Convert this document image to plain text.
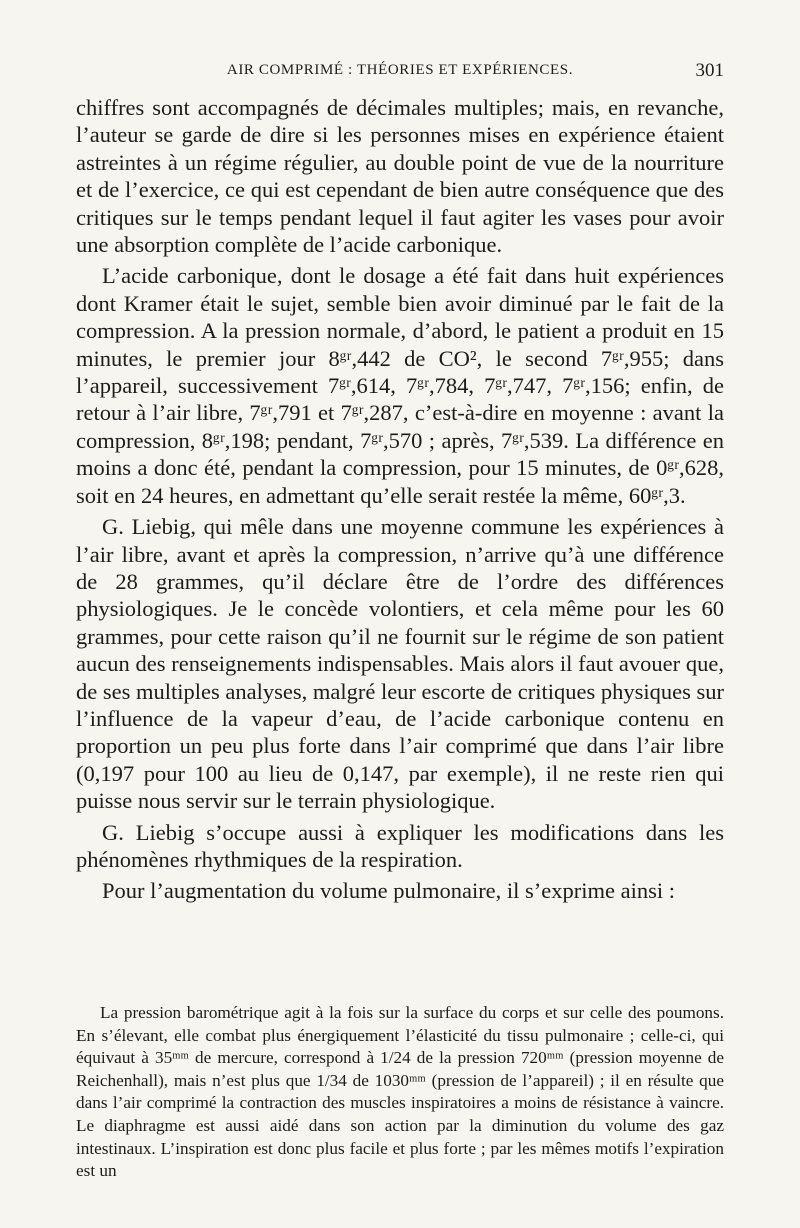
AIR COMPRIMÉ : THÉORIES ET EXPÉRIENCES.	301

chiffres sont accompagnés de décimales multiples; mais, en revanche, l’auteur se garde de dire si les personnes mises en expérience étaient astreintes à un régime régulier, au double point de vue de la nourriture et de l’exercice, ce qui est cependant de bien autre conséquence que des critiques sur le temps pendant lequel il faut agiter les vases pour avoir une absorption complète de l’acide carbonique.

L’acide carbonique, dont le dosage a été fait dans huit expériences dont Kramer était le sujet, semble bien avoir diminué par le fait de la compression. A la pression normale, d’abord, le patient a produit en 15 minutes, le premier jour 8ᵍʳ,442 de CO², le second 7ᵍʳ,955; dans l’appareil, successivement 7ᵍʳ,614, 7ᵍʳ,784, 7ᵍʳ,747, 7ᵍʳ,156; enfin, de retour à l’air libre, 7ᵍʳ,791 et 7ᵍʳ,287, c’est-à-dire en moyenne : avant la compression, 8ᵍʳ,198; pendant, 7ᵍʳ,570 ; après, 7ᵍʳ,539. La différence en moins a donc été, pendant la compression, pour 15 minutes, de 0ᵍʳ,628, soit en 24 heures, en admettant qu’elle serait restée la même, 60ᵍʳ,3.

G. Liebig, qui mêle dans une moyenne commune les expériences à l’air libre, avant et après la compression, n’arrive qu’à une différence de 28 grammes, qu’il déclare être de l’ordre des différences physiologiques. Je le concède volontiers, et cela même pour les 60 grammes, pour cette raison qu’il ne fournit sur le régime de son patient aucun des renseignements indispensables. Mais alors il faut avouer que, de ses multiples analyses, malgré leur escorte de critiques physiques sur l’influence de la vapeur d’eau, de l’acide carbonique contenu en proportion un peu plus forte dans l’air comprimé que dans l’air libre (0,197 pour 100 au lieu de 0,147, par exemple), il ne reste rien qui puisse nous servir sur le terrain physiologique.

G. Liebig s’occupe aussi à expliquer les modifications dans les phénomènes rhythmiques de la respiration.

Pour l’augmentation du volume pulmonaire, il s’exprime ainsi :

La pression barométrique agit à la fois sur la surface du corps et sur celle des poumons. En s’élevant, elle combat plus énergiquement l’élasticité du tissu pulmonaire ; celle-ci, qui équivaut à 35ᵐᵐ de mercure, correspond à 1/24 de la pression 720ᵐᵐ (pression moyenne de Reichenhall), mais n’est plus que 1/34 de 1030ᵐᵐ (pression de l’appareil) ; il en résulte que dans l’air comprimé la contraction des muscles inspiratoires a moins de résistance à vaincre. Le diaphragme est aussi aidé dans son action par la diminution du volume des gaz intestinaux. L’inspiration est donc plus facile et plus forte ; par les mêmes motifs l’expiration est un
